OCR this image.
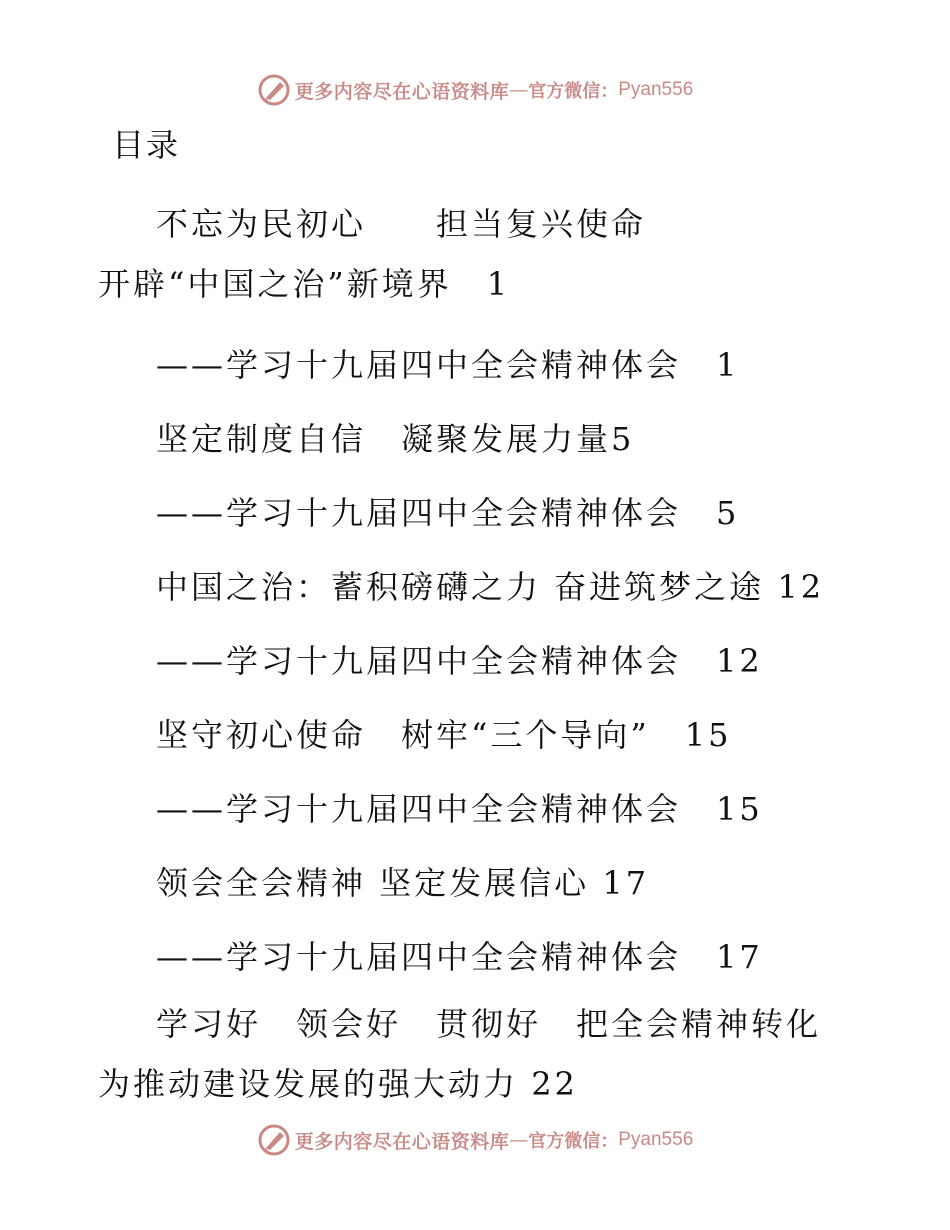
更多内容尽在心语资料库 — 官方微信： Pyan556
目录

不忘为民初心　　担当复兴使命　　　　　开辟“中国之治”新境界　 1

——学习十九届四中全会精神体会　 1

坚定制度自信　凝聚发展力量5

——学习十九届四中全会精神体会　 5

中国之治：蓄积磅礴之力 奋进筑梦之途 12

——学习十九届四中全会精神体会　 12

坚守初心使命　树牢“三个导向”　 15

——学习十九届四中全会精神体会　 15

领会全会精神 坚定发展信心 17

——学习十九届四中全会精神体会　 17

学习好　领会好　贯彻好　把全会精神转化为推动建设发展的强大动力 22

更多内容尽在心语资料库 — 官方微信： Pyan556
